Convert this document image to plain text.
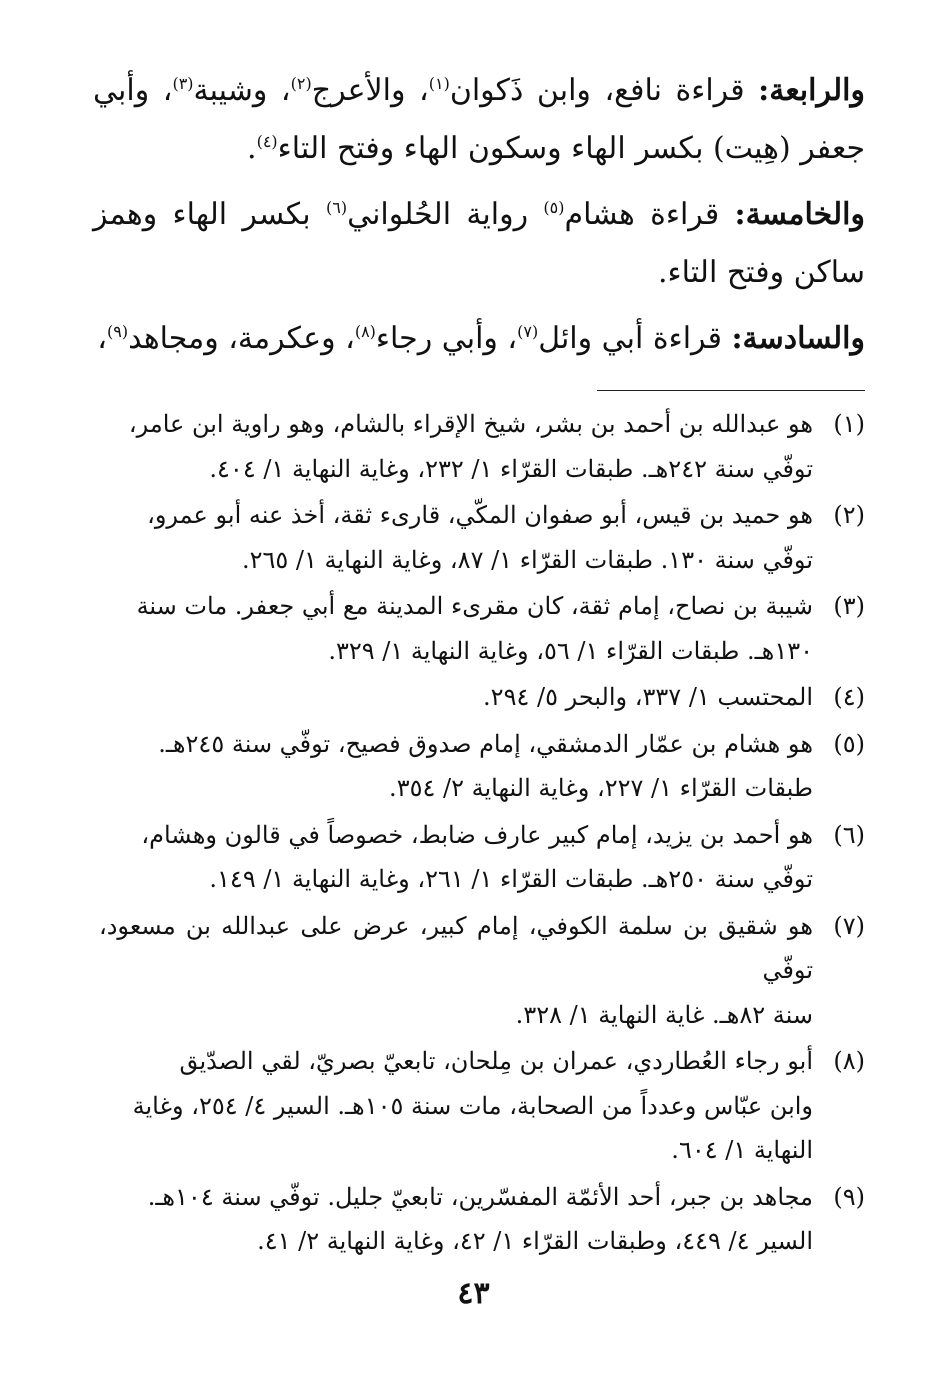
والرابعة: قراءة نافع، وابن ذَكوان$^{(١)}$، والأعرج$^{(٢)}$، وشيبة$^{(٣)}$، وأبي جعفر (هِيت) بكسر الهاء وسكون الهاء وفتح التاء$^{(٤)}$.

والخامسة: قراءة هشام$^{(٥)}$ رواية الحُلواني$^{(٦)}$ بكسر الهاء وهمز ساكن وفتح التاء.

والسادسة: قراءة أبي وائل$^{(٧)}$، وأبي رجاء$^{(٨)}$، وعكرمة، ومجاهد$^{(٩)}$،

(١)
هو عبدالله بن أحمد بن بشر، شيخ الإقراء بالشام، وهو راوية ابن عامر،
توفّي سنة ٢٤٢هـ. طبقات القرّاء ١/ ٢٣٢، وغاية النهاية ١/ ٤٠٤.
(٢)
هو حميد بن قيس، أبو صفوان المكّي، قارىء ثقة، أخذ عنه أبو عمرو،
توفّي سنة ١٣٠. طبقات القرّاء ١/ ٨٧، وغاية النهاية ١/ ٢٦٥.
(٣)
شيبة بن نصاح، إمام ثقة، كان مقرىء المدينة مع أبي جعفر. مات سنة
١٣٠هـ. طبقات القرّاء ١/ ٥٦، وغاية النهاية ١/ ٣٢٩.
(٤)
المحتسب ١/ ٣٣٧، والبحر ٥/ ٢٩٤.
(٥)
هو هشام بن عمّار الدمشقي، إمام صدوق فصيح، توفّي سنة ٢٤٥هـ.
طبقات القرّاء ١/ ٢٢٧، وغاية النهاية ٢/ ٣٥٤.
(٦)
هو أحمد بن يزيد، إمام كبير عارف ضابط، خصوصاً في قالون وهشام،
توفّي سنة ٢٥٠هـ. طبقات القرّاء ١/ ٢٦١، وغاية النهاية ١/ ١٤٩.
(٧)
هو شقيق بن سلمة الكوفي، إمام كبير، عرض على عبدالله بن مسعود، توفّي
سنة ٨٢هـ. غاية النهاية ١/ ٣٢٨.
(٨)
أبو رجاء العُطاردي، عمران بن مِلحان، تابعيّ بصريّ، لقي الصدّيق
وابن عبّاس وعدداً من الصحابة، مات سنة ١٠٥هـ. السير ٤/ ٢٥٤، وغاية
النهاية ١/ ٦٠٤.
(٩)
مجاهد بن جبر، أحد الأئمّة المفسّرين، تابعيّ جليل. توفّي سنة ١٠٤هـ.
السير ٤/ ٤٤٩، وطبقات القرّاء ١/ ٤٢، وغاية النهاية ٢/ ٤١.
٤٣
